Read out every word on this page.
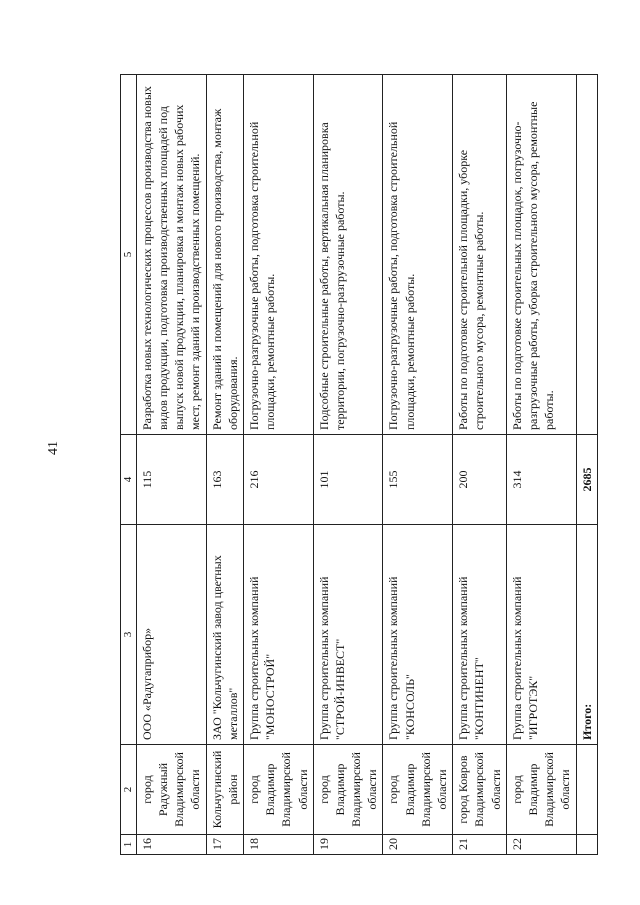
41
1	2	3	4	5
16	город Радужный Владимирской области	ООО «Радугаприбор»	115	Разработка новых технологических процессов производства новых видов продукции, подготовка производственных площадей под выпуск новой продукции, планировка и монтаж новых рабочих мест, ремонт зданий и производственных помещений.
17	Кольчугинский район	ЗАО "Кольчугинский завод цветных металлов"	163	Ремонт зданий и помещений для нового производства, монтаж оборудования.
18	город Владимир Владимирской области	Группа строительных компаний "МОНОСТРОЙ"	216	Погрузочно-разгрузочные работы, подготовка строительной площадки, ремонтные работы.
19	город Владимир Владимирской области	Группа строительных компаний "СТРОЙ-ИНВЕСТ"	101	Подсобные строительные работы, вертикальная планировка территории, погрузочно-разгрузочные работы.
20	город Владимир Владимирской области	Группа строительных компаний "КОНСОЛЬ"	155	Погрузочно-разгрузочные работы, подготовка строительной площадки, ремонтные работы.
21	город Ковров Владимирской области	Группа строительных компаний "КОНТИНЕНТ"	200	Работы по подготовке строительной площадки, уборке строительного мусора, ремонтные работы.
22	город Владимир Владимирской области	Группа строительных компаний "ИГРОТЭК"	314	Работы по подготовке строительных площадок, погрузочно-разгрузочные работы, уборка строительного мусора, ремонтные работы.
		Итого:	2685	
